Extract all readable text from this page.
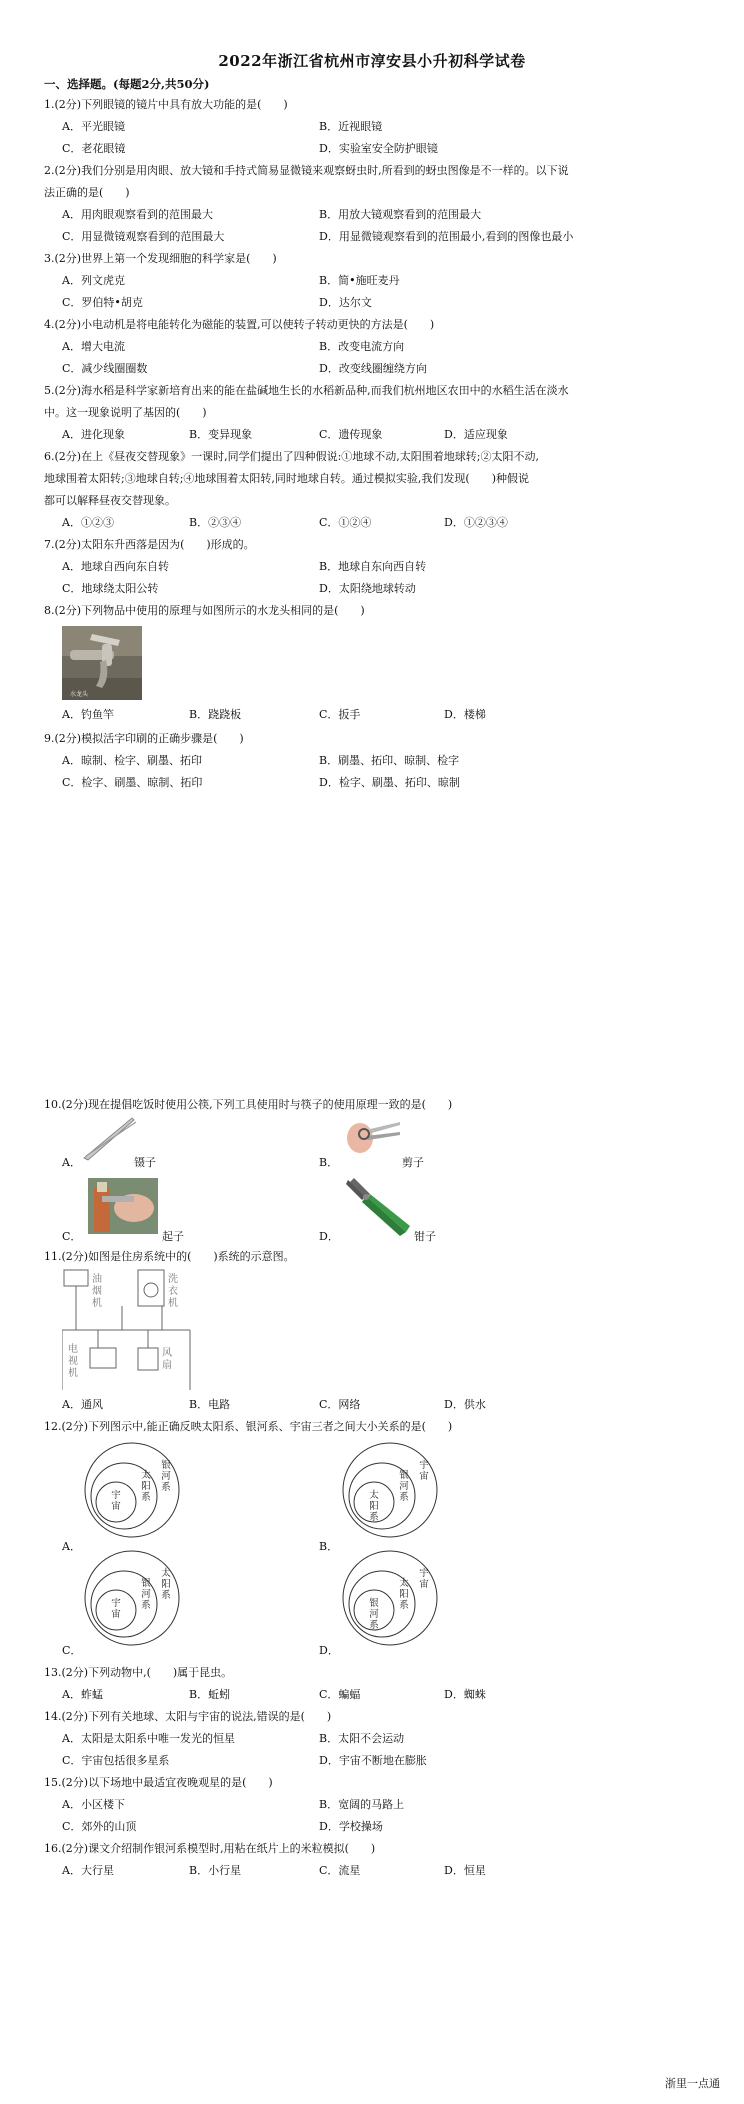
2022年浙江省杭州市淳安县小升初科学试卷
一、选择题。(每题2分,共50分)
1.(2分)下列眼镜的镜片中具有放大功能的是(　　)
A．平光眼镜	B．近视眼镜
C．老花眼镜	D．实验室安全防护眼镜
2.(2分)我们分别是用肉眼、放大镜和手持式简易显微镜来观察蚜虫时,所看到的蚜虫图像是不一样的。以下说
法正确的是(　　)
A．用肉眼观察看到的范围最大	B．用放大镜观察看到的范围最大
C．用显微镜观察看到的范围最大	D．用显微镜观察看到的范围最小,看到的图像也最小
3.(2分)世界上第一个发现细胞的科学家是(　　)
A．列文虎克	B．简•施旺麦丹
C．罗伯特•胡克	D．达尔文
4.(2分)小电动机是将电能转化为磁能的装置,可以使转子转动更快的方法是(　　)
A．增大电流	B．改变电流方向
C．减少线圈圈数	D．改变线圈缠绕方向
5.(2分)海水稻是科学家新培育出来的能在盐碱地生长的水稻新品种,而我们杭州地区农田中的水稻生活在淡水
中。这一现象说明了基因的(　　)
A．进化现象	B．变异现象	C．遗传现象	D．适应现象
6.(2分)在上《昼夜交替现象》一课时,同学们提出了四种假说:①地球不动,太阳围着地球转;②太阳不动,
地球围着太阳转;③地球自转;④地球围着太阳转,同时地球自转。通过模拟实验,我们发现(　　)种假说
都可以解释昼夜交替现象。
A．①②③	B．②③④	C．①②④	D．①②③④
7.(2分)太阳东升西落是因为(　　)形成的。
A．地球自西向东自转	B．地球自东向西自转
C．地球绕太阳公转	D．太阳绕地球转动
8.(2分)下列物品中使用的原理与如图所示的水龙头相同的是(　　)
A．钓鱼竿	B．跷跷板	C．扳手	D．楼梯
水龙头
9.(2分)模拟活字印刷的正确步骤是(　　)
A．晾制、检字、刷墨、拓印	B．刷墨、拓印、晾制、检字
C．检字、刷墨、晾制、拓印	D．检字、刷墨、拓印、晾制
10.(2分)现在提倡吃饭时使用公筷,下列工具使用时与筷子的使用原理一致的是(　　)
A．	镊子	B．	剪子
C．	起子	D．	钳子
11.(2分)如图是住房系统中的(　　)系统的示意图。
油烟机
洗衣机
电视机
风扇
A．通风	B．电路	C．网络	D．供水
12.(2分)下列图示中,能正确反映太阳系、银河系、宇宙三者之间大小关系的是(　　)
银河系
太阳系
宇宙
宇宙
银河系
太阳系
太阳系
银河系
宇宙
宇宙
太阳系
银河系
A．	B．
C．	D．
13.(2分)下列动物中,(　　)属于昆虫。
A．蚱蜢	B．蚯蚓	C．蝙蝠	D．蜘蛛
14.(2分)下列有关地球、太阳与宇宙的说法,错误的是(　　)
A．太阳是太阳系中唯一发光的恒星	B．太阳不会运动
C．宇宙包括很多星系	D．宇宙不断地在膨胀
15.(2分)以下场地中最适宜夜晚观星的是(　　)
A．小区楼下	B．宽阔的马路上
C．郊外的山顶	D．学校操场
16.(2分)课文介绍制作银河系模型时,用粘在纸片上的米粒模拟(　　)
A．大行星	B．小行星	C．流星	D．恒星
浙里一点通
